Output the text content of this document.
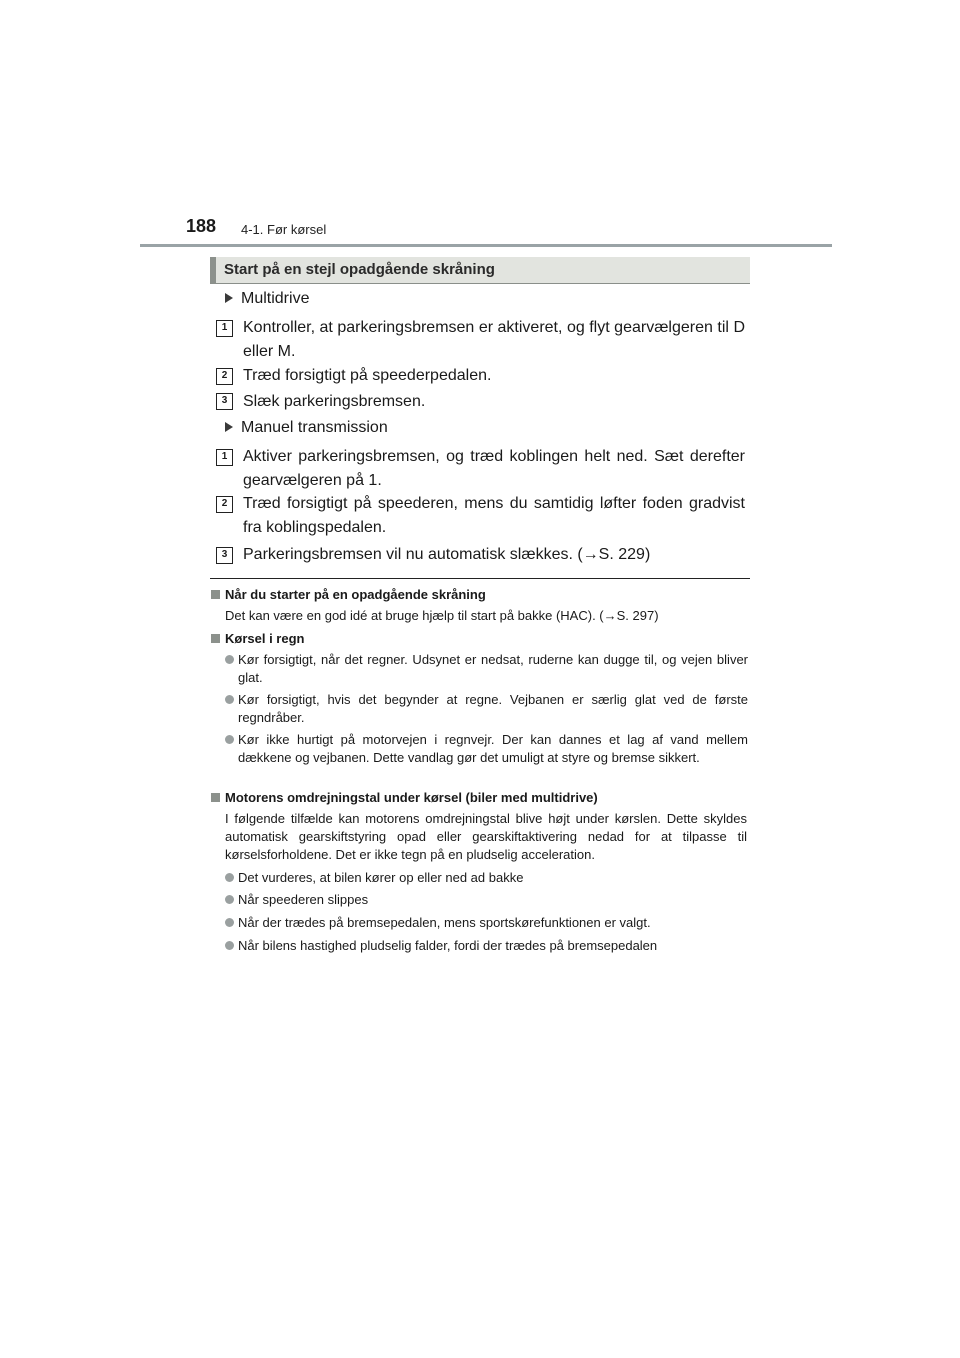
188 4-1. Før kørsel
Start på en stejl opadgående skråning
Multidrive
1 Kontroller, at parkeringsbremsen er aktiveret, og flyt gearvælgeren til D eller M.
2 Træd forsigtigt på speederpedalen.
3 Slæk parkeringsbremsen.
Manuel transmission
1 Aktiver parkeringsbremsen, og træd koblingen helt ned. Sæt derefter gearvælgeren på 1.
2 Træd forsigtigt på speederen, mens du samtidig løfter foden gradvist fra koblingspedalen.
3 Parkeringsbremsen vil nu automatisk slækkes. (→S. 229)
Når du starter på en opadgående skråning
Det kan være en god idé at bruge hjælp til start på bakke (HAC). (→S. 297)
Kørsel i regn
Kør forsigtigt, når det regner. Udsynet er nedsat, ruderne kan dugge til, og vejen bliver glat.
Kør forsigtigt, hvis det begynder at regne. Vejbanen er særlig glat ved de første regndråber.
Kør ikke hurtigt på motorvejen i regnvejr. Der kan dannes et lag af vand mellem dækkene og vejbanen. Dette vandlag gør det umuligt at styre og bremse sikkert.
Motorens omdrejningstal under kørsel (biler med multidrive)
I følgende tilfælde kan motorens omdrejningstal blive højt under kørslen. Dette skyldes automatisk gearskiftstyring opad eller gearskiftaktivering nedad for at tilpasse til kørselsforholdene. Det er ikke tegn på en pludselig acceleration.
Det vurderes, at bilen kører op eller ned ad bakke
Når speederen slippes
Når der trædes på bremsepedalen, mens sportskørefunktionen er valgt.
Når bilens hastighed pludselig falder, fordi der trædes på bremsepedalen
